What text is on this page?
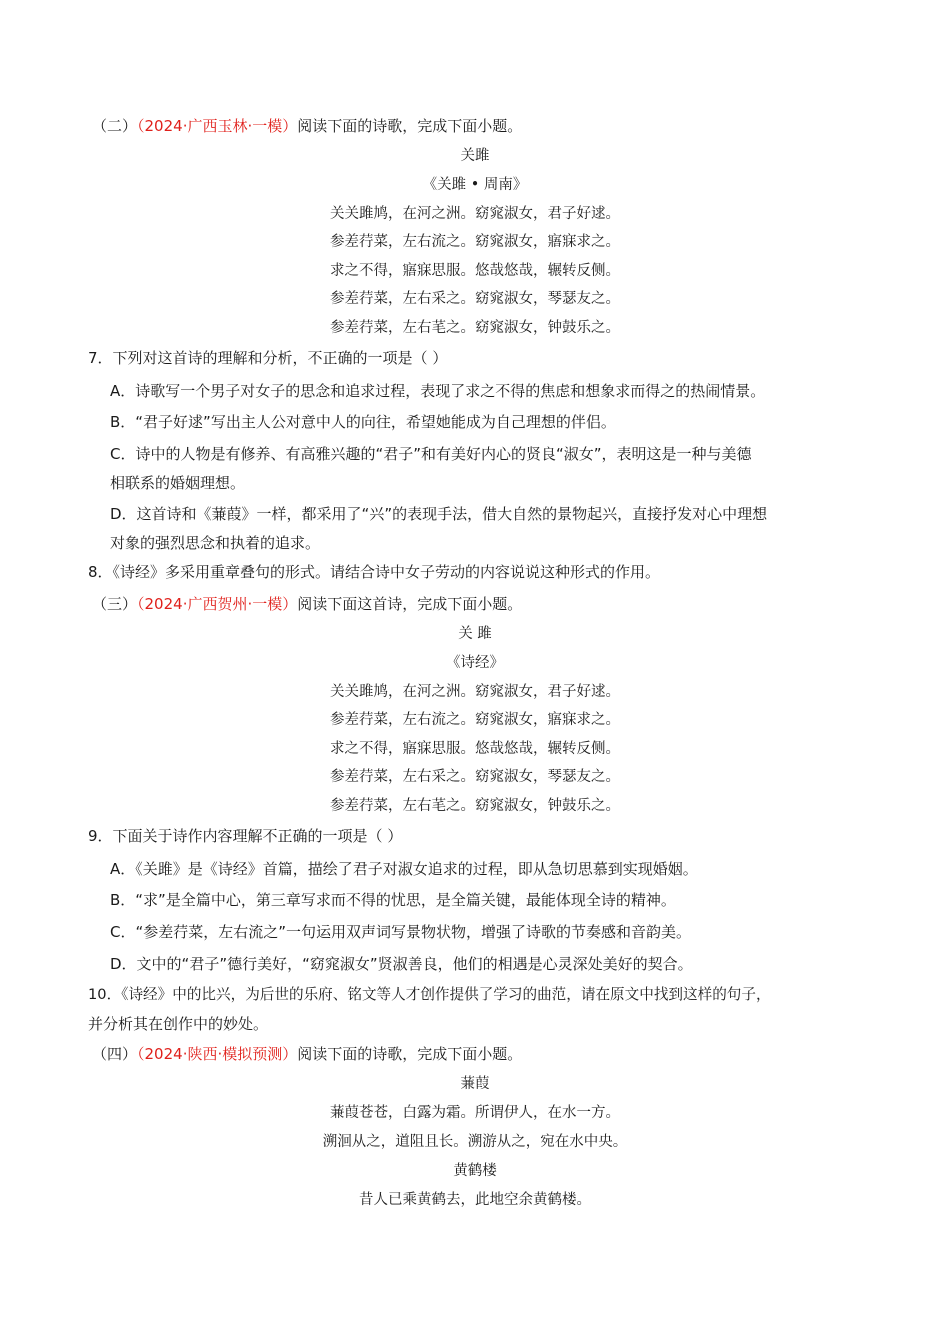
（二）（2024·广西玉林·一模）阅读下面的诗歌，完成下面小题。
关雎
《关雎 • 周南》
关关雎鸠，在河之洲。窈窕淑女，君子好逑。
参差荇菜，左右流之。窈窕淑女，寤寐求之。
求之不得，寤寐思服。悠哉悠哉，辗转反侧。
参差荇菜，左右采之。窈窕淑女，琴瑟友之。
参差荇菜，左右芼之。窈窕淑女，钟鼓乐之。
7．下列对这首诗的理解和分析，不正确的一项是（ ）
A．诗歌写一个男子对女子的思念和追求过程，表现了求之不得的焦虑和想象求而得之的热闹情景。
B．“君子好逑”写出主人公对意中人的向往，希望她能成为自己理想的伴侣。
C．诗中的人物是有修养、有高雅兴趣的“君子”和有美好内心的贤良“淑女”，表明这是一种与美德
相联系的婚姻理想。
D．这首诗和《蒹葭》一样，都采用了“兴”的表现手法，借大自然的景物起兴，直接抒发对心中理想
对象的强烈思念和执着的追求。
8．《诗经》多采用重章叠句的形式。请结合诗中女子劳动的内容说说这种形式的作用。
（三）（2024·广西贺州·一模）阅读下面这首诗，完成下面小题。
关 雎
《诗经》
关关雎鸠，在河之洲。窈窕淑女，君子好逑。
参差荇菜，左右流之。窈窕淑女，寤寐求之。
求之不得，寤寐思服。悠哉悠哉，辗转反侧。
参差荇菜，左右采之。窈窕淑女，琴瑟友之。
参差荇菜，左右芼之。窈窕淑女，钟鼓乐之。
9．下面关于诗作内容理解不正确的一项是（ ）
A．《关雎》是《诗经》首篇，描绘了君子对淑女追求的过程，即从急切思慕到实现婚姻。
B．“求”是全篇中心，第三章写求而不得的忧思，是全篇关键，最能体现全诗的精神。
C．“参差荇菜，左右流之”一句运用双声词写景物状物，增强了诗歌的节奏感和音韵美。
D．文中的“君子”德行美好，“窈窕淑女”贤淑善良，他们的相遇是心灵深处美好的契合。
10．《诗经》中的比兴，为后世的乐府、铭文等人才创作提供了学习的曲范，请在原文中找到这样的句子，
并分析其在创作中的妙处。
（四）（2024·陕西·模拟预测）阅读下面的诗歌，完成下面小题。
蒹葭
蒹葭苍苍，白露为霜。所谓伊人，在水一方。
溯洄从之，道阻且长。溯游从之，宛在水中央。
黄鹤楼
昔人已乘黄鹤去，此地空余黄鹤楼。
